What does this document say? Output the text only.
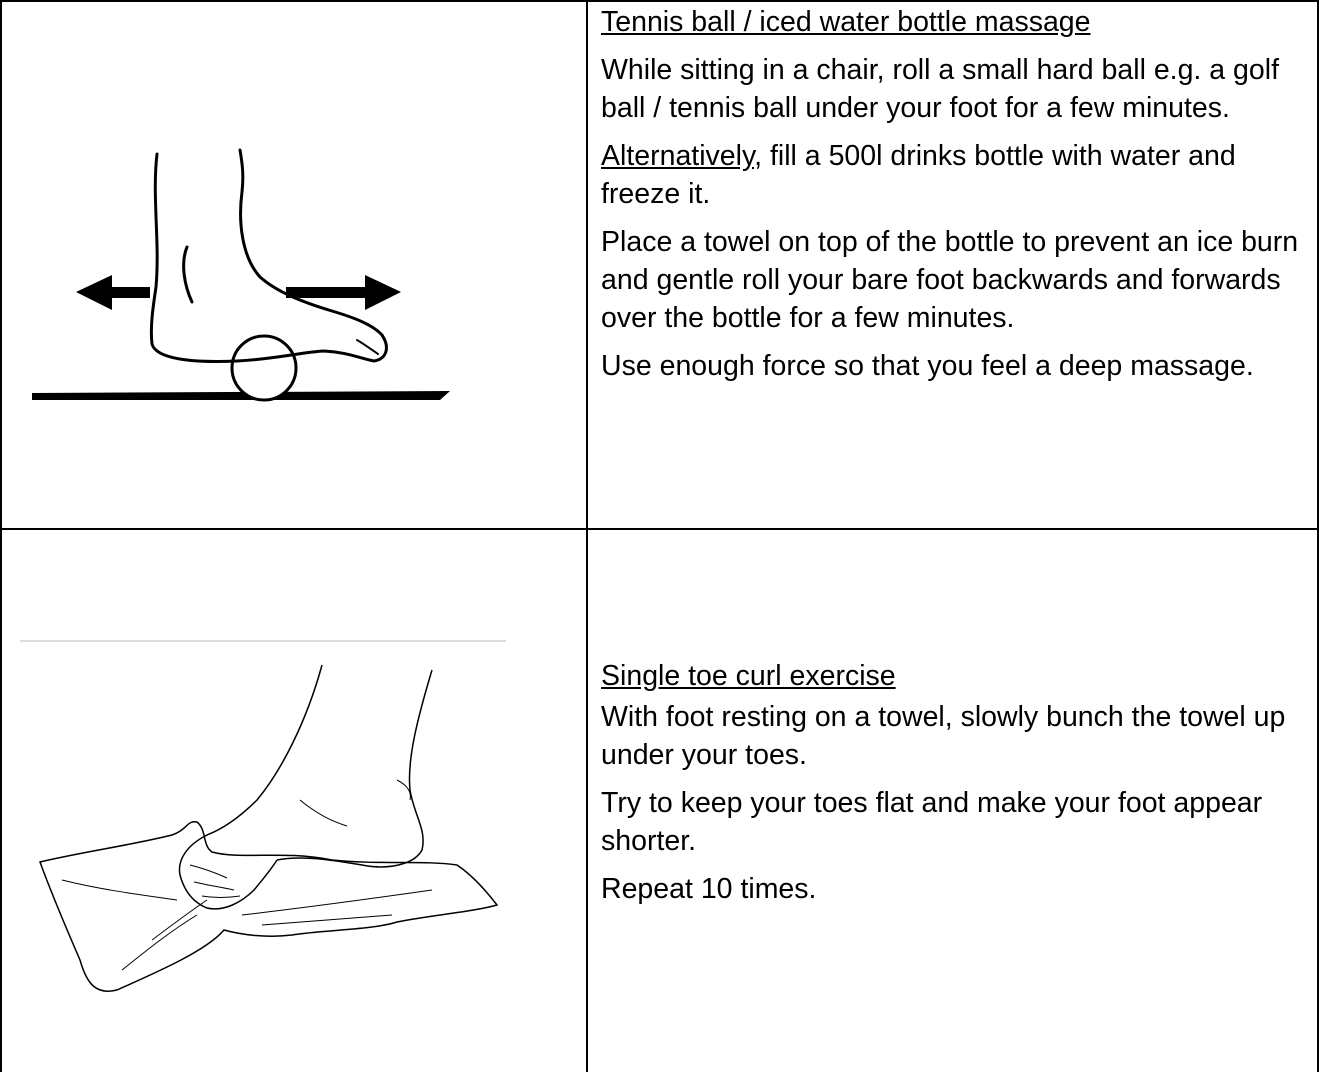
Tennis ball / iced water bottle massage

While sitting in a chair, roll a small hard ball e.g. a golf ball / tennis ball under your foot for a few minutes.

Alternatively, fill a 500l drinks bottle with water and freeze it.

Place a towel on top of the bottle to prevent an ice burn and gentle roll your bare foot backwards and forwards over the bottle for a few minutes.

Use enough force so that you feel a deep massage.

Single toe curl exercise

With foot resting on a towel, slowly bunch the towel up under your toes.

Try to keep your toes flat and make your foot appear shorter.

Repeat 10 times.
